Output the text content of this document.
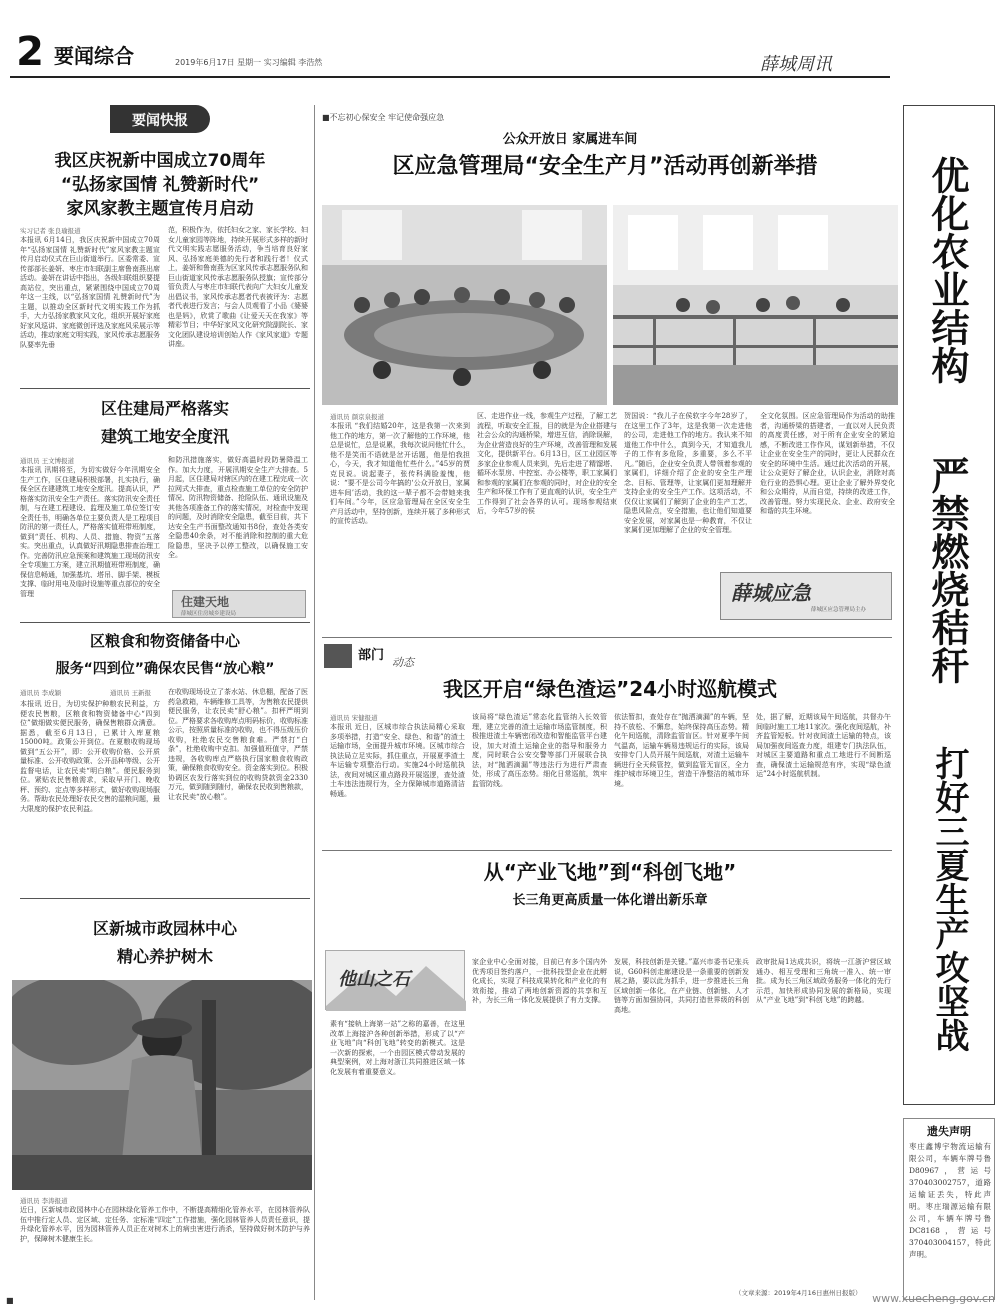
2 要闻综合	2019年6月17日 星期一 实习编辑 李浩然	薛城周讯
优化农业结构
严禁燃烧秸秆
打好三夏生产攻坚战
遗失声明
枣庄鑫博宇物流运输有限公司，车辆车牌号鲁D80967，营运号370403002757，道路运输证丢失，特此声明。枣庄瑞源运输有限公司，车辆车牌号鲁DC8168，营运号370403004157，特此声明。
（文章来源：2019年4月16日惠州日报版）
要闻快报
我区庆祝新中国成立70周年
“弘扬家国情 礼赞新时代”
家风家教主题宣传月启动
实习记者 张良瑜报道
本报讯 6月14日，我区庆祝新中国成立70周年“弘扬家国情 礼赞新时代”家风家教主题宣传月启动仪式在巨山街道举行。区委常委、宣传部部长姜妍、枣庄市妇联副主席鲁南燕出席活动。姜妍在讲话中指出，各级妇联组织要提高站位，突出重点，紧紧围绕中国成立70周年这一主线，以“弘扬家国情 礼赞新时代”为主题，以推动全区新时代文明实践工作为抓手，大力弘扬家教家风文化，组织开展好家庭好家风巡讲、家庭微创评选及家庭风采展示等活动，推动家庭文明实践，家风传承志愿服务队要率先垂
范，积极作为，依托妇女之家、家长学校、妇女儿童家园等阵地，持续开展形式多样的新时代文明实践志愿服务活动，争当培育良好家风、弘扬家庭美德的先行者和践行者！仪式上，姜妍和鲁南燕为区家风传承志愿服务队和巨山街道家风传承志愿服务队授旗；宣传部分管负责人与枣庄市妇联代表向广大妇女儿童发出倡议书，家风传承志愿者代表被评为：志愿者代表进行发言；与会人员观看了小品《婆婆也是妈》，欣赏了歌曲《让爱天天在我家》等精彩节目；中华好家风文化研究院副院长、家文化团队建设培训创始人作《家风家道》专题讲座。
区住建局严格落实
建筑工地安全度汛
通讯员 王文博报道
本报讯 汛期将至，为切实做好今年汛期安全生产工作，区住建局积极部署，扎实执行，确保全区在建建筑工地安全度汛。提高认识，严格落实防汛安全生产责任。落实防汛安全责任制，与在建工程建设、监理及施工单位签订安全责任书，明确各单位主要负责人是工程项目防汛的第一责任人，严格落实值班带班制度，做到“责任、机构、人员、措施、物资”五落实。突出重点，认真做好汛期隐患排查治理工作。完善防汛应急预案和建筑施工现场防汛安全专项施工方案，建立汛期值班带班制度，确保信息畅通，加强基坑、塔吊、脚手架、模板支撑、临时用电及临时设施等重点部位的安全管理
和防汛措施落实，做好高温时段防暑降温工作。加大力度，开展汛期安全生产大排查。5月起，区住建局对辖区内的在建工程完成一次拉网式大排查，重点检查施工单位的安全防护情况、防汛物资储备、抢险队伍、通讯设施及其他各项准备工作的落实情况，对检查中发现的问题，及时消除安全隐患，截至目前，共下达安全生产书面整改通知书8份，查处各类安全隐患40余条，对不能消除和控制的重大危险隐患，坚决予以停工整改，以确保施工安全。
住建天地
薛城区住房城乡建设局
区粮食和物资储备中心
服务“四到位”确保农民售“放心粮”
通讯员 李成颖	通讯员 王新报
本报讯 近日，为切实保护种粮农民利益，方便农民售粮，区粮食和物资储备中心“四到位”做细做实便民服务，确保售粮群众满意。据悉，截至6月13日，已累计入库夏粮15000吨。政策公开到位。在夏粮收购现场做到“五公开”，即：公开收购价格、公开质量标准、公开收购政策、公开品种等级、公开监督电话，让农民卖“明白粮”。便民服务到位。紧贴农民售粮需求，采取早开门、晚收秤、预约、定点等多样形式，做好收购现场服务。帮助农民处理好农民交售的湿粮问题，最大限度的保护农民利益。
在收购现场设立了茶水站、休息棚，配备了医药急救箱，车辆维修工具等，为售粮农民提供便民服务，让农民卖“舒心粮”。扣秤严明到位。严格要求各收购库点明码标价，收购标准公示，按照质量标准的收购，也不得压级压价收购，杜绝农民交售粮食难。严禁打“白条”，杜绝收购中克扣。加强值班值守，严禁违规，各收购库点严格执行国家粮食收购政策，确保粮食收购安全。资金落实到位。积极协调区农发行落实到位的收购贷款资金2330万元，做到随到随付，确保农民收到售粮款，让农民卖“放心粮”。
区新城市政园林中心
精心养护树木
通讯员 李涛报道
近日，区新城市政园林中心在园林绿化管养工作中，不断提高精细化管养水平，在园林管养队伍中推行定人员、定区域、定任务、定标准“四定”工作措施，强化园林管养人员责任意识，提升绿化管养水平，因为园林管养人员正在对树木上的病虫害进行消杀，坚持做好树木防护与养护，保障树木健康生长。
■不忘初心保安全 牢记使命强应急
公众开放日 家属进车间
区应急管理局“安全生产月”活动再创新举措
通讯员 颜京泉报道
本报讯 “我们结婚20年，这是我第一次来到他工作的地方，第一次了解他的工作环境，他总是说忙，总是说累，我每次说问他忙什么，他不是笑而不语就是岔开话题，他是怕我担心，今天，我才知道他忙些什么。”45岁的贾克艮说。说起妻子，张传科满脸羞愧，他说：“要不是公司今年搞的‘公众开放日，家属进车间’活动，我的这一辈子都不会带她来我们车间。”今年，区应急管理局在全区安全生产月活动中，坚持创新，连续开展了多种形式的宣传活动。
区、走进作业一线，参观生产过程，了解工艺流程，听取安全汇报，目的就是为企业搭建与社会公众的沟通桥梁，增进互信，消除误解，为企业营造良好的生产环境，改善管理和发展文化，提供新平台。6月13日，区工业园区等多家企业参观人员来到，先后走进了精馏塔、循环水泵房、中控室、办公楼等，职工家属们和参观的家属们在参观的同时，对企业的安全生产和环保工作有了更直观的认识，安全生产工作得到了社会各界的认可。现场参观结束后，今年57岁的侯
贺国说：“我儿子在侯软字今年28岁了，在这里工作了3年，这是我第一次走进他的公司，走进他工作的地方。我认来不知道他工作中什么，真到今天，才知道我儿子的工作有多危险，多重要，多么不平凡。”随后，企业安全负责人带领着参观的家属们，详细介绍了企业的安全生产理念、目标、管理等，让家属们更加理解并支持企业的安全生产工作。这项活动，不仅仅让家属们了解到了企业的生产工艺，隐患风险点，安全措施，也让他们知道要安全发展，对家属也是一种教育，不仅让家属们更加理解了企业的安全管理。
全文化氛围。区应急管理局作为活动的助推者，沟通桥梁的搭建者，一直以对人民负责的高度责任感，对于所有企业安全的紧迫感，不断改进工作作风，谋划新举措，不仅让企业在安全生产的同时，更让人民群众在安全的环境中生活。通过此次活动的开展，让公众更好了解企业，认识企业，消除对高危行业的恐惧心理。更让企业了解外界变化和公众期待，从而自觉，持续的改进工作，改善管理。努力实现民众、企业、政府安全和谐的共生环境。
薛城应急
薛城区应急管理局主办
部门 动态
我区开启“绿色渣运”24小时巡航模式
通讯员 宋健报道
本报讯 近日，区城市综合执法局精心采取多项举措，打造“安全、绿色、和谐”的渣土运输市场，全面提升城市环境。区城市综合执法局立足实际，抓住重点，开展夏季渣土车运输专项整治行动。实施24小时巡航执法，夜间对城区重点路段开展巡逻，查处渣土车违法违规行为，全力保障城市道路清洁畅通。
该局将“绿色渣运”常态化监管纳入长效管理，建立完善的渣土运输市场监管制度，积极推进渣土车辆密闭改造和智能监管平台建设，加大对渣土运输企业的指导和服务力度，同时联合公安交警等部门开展联合执法，对“抛洒滴漏”等违法行为进行严肃查处，形成了高压态势。细化日常巡航，筑牢监管防线。
依法暂扣，查处存在“抛洒滴漏”的车辆，坚持不放松、不懈怠，始终保持高压态势。精化午间巡航，清除监管盲区。针对夏季午间气温高，运输车辆易违规运行的实际，该局安排专门人员开展午间巡航，对渣土运输车辆进行全天候管控，做到监管无盲区，全力维护城市环境卫生，营造干净整洁的城市环境。
处，据了解，近期该局午间巡航，共督办午间临时施工工地11家次。强化夜间巡航，补齐监管短板。针对夜间渣土运输的特点，该局加强夜间巡查力度，组建专门执法队伍，对城区主要道路和重点工地进行不间断巡查，确保渣土运输规范有序，实现“绿色渣运”24小时巡航机制。
从“产业飞地”到“科创飞地”
长三角更高质量一体化谱出新乐章
他山之石
素有“接轨上海第一站”之称的嘉善，在这里改革上海接沪各种创新举措，形成了以“产业飞地”向“科创飞地”转变的新模式。这是一次新的探索，一个由园区模式带动发展的典型案例，对上海对浙江共同推进区域一体化发展有着重要意义。
家企业中心全面对接，目前已有多个国内外优秀项目签约落户，一批科技型企业在此孵化成长，实现了科技成果转化和产业化的有效衔接，推动了两地创新资源的共享和互补，为长三角一体化发展提供了有力支撑。
发展，科技创新是关键。”嘉兴市委书记张兵说，G60科创走廊建设是一条重要的创新发展之路，要以此为抓手，进一步推进长三角区域创新一体化，在产业链、创新链、人才链等方面加强协同，共同打造世界级的科创高地。
政审批局1达成共识，将统一江浙沪营区域通办、相互受理和三角统一准入、统一审批。成为长三角区域政务服务一体化的先行示范，加快形成协同发展的新格局，实现从“产业飞地”到“科创飞地”的跨越。
■	www.xuecheng.gov.cn
